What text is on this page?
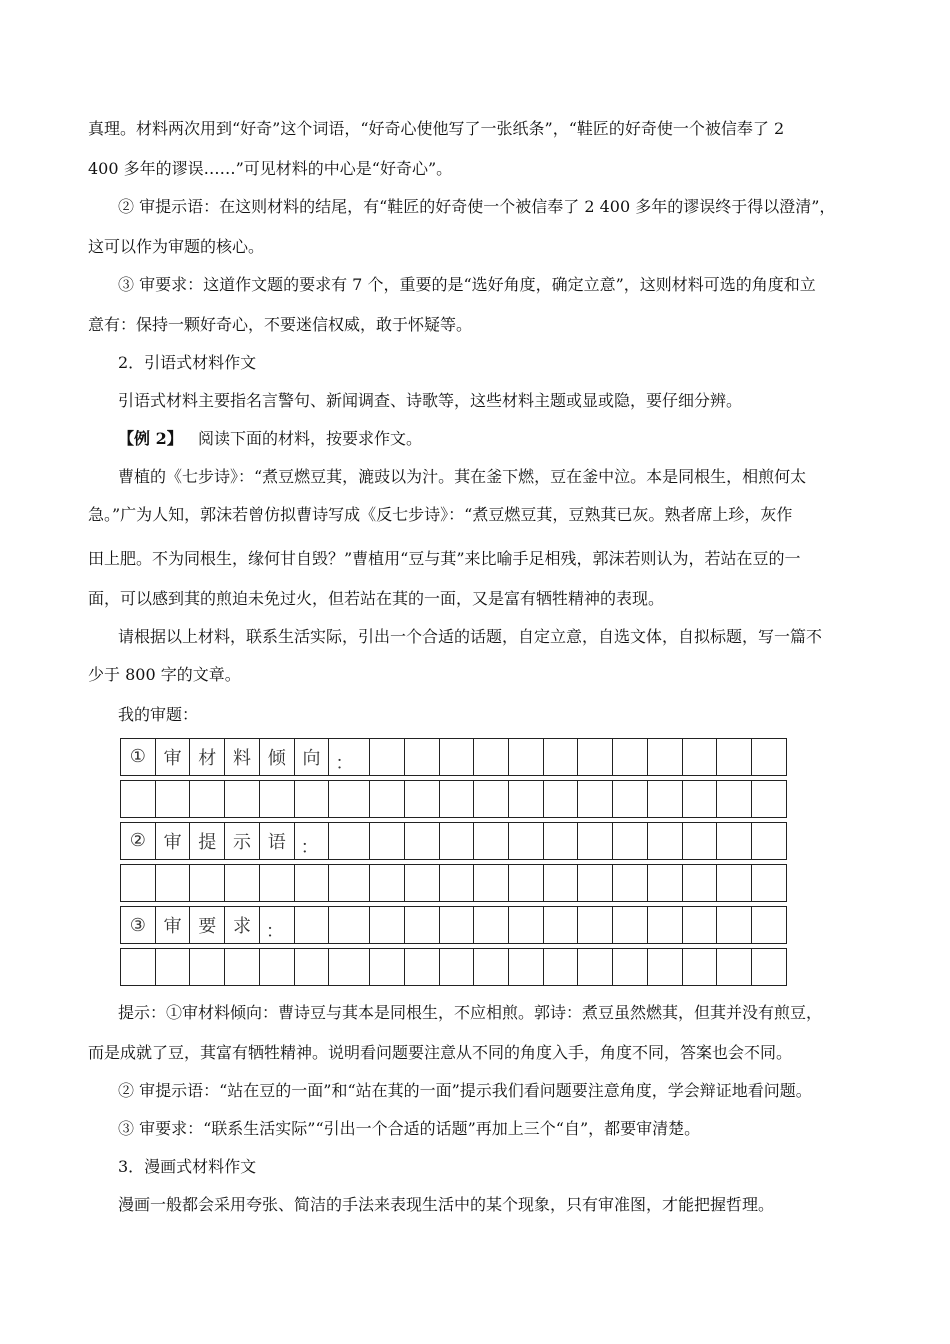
真理。材料两次用到“好奇”这个词语，“好奇心使他写了一张纸条”，“鞋匠的好奇使一个被信奉了 2

400 多年的谬误……”可见材料的中心是“好奇心”。

② 审提示语：在这则材料的结尾，有“鞋匠的好奇使一个被信奉了 2 400 多年的谬误终于得以澄清”，

这可以作为审题的核心。

③ 审要求：这道作文题的要求有 7 个，重要的是“选好角度，确定立意”，这则材料可选的角度和立

意有：保持一颗好奇心，不要迷信权威，敢于怀疑等。

2．引语式材料作文

引语式材料主要指名言警句、新闻调查、诗歌等，这些材料主题或显或隐，要仔细分辨。

【例 2】 阅读下面的材料，按要求作文。

曹植的《七步诗》：“煮豆燃豆萁，漉豉以为汁。萁在釜下燃，豆在釜中泣。本是同根生，相煎何太

急。”广为人知，郭沫若曾仿拟曹诗写成《反七步诗》：“煮豆燃豆萁，豆熟萁已灰。熟者席上珍，灰作

田上肥。不为同根生，缘何甘自毁？”曹植用“豆与萁”来比喻手足相残，郭沫若则认为，若站在豆的一

面，可以感到萁的煎迫未免过火，但若站在萁的一面，又是富有牺牲精神的表现。

请根据以上材料，联系生活实际，引出一个合适的话题，自定立意，自选文体，自拟标题，写一篇不

少于 800 字的文章。

我的审题：

①	审	材	料	倾	向	：												

②	审	提	示	语	：													

③	审	要	求	：														

提示：①审材料倾向：曹诗豆与萁本是同根生，不应相煎。郭诗：煮豆虽然燃萁，但萁并没有煎豆，

而是成就了豆，萁富有牺牲精神。说明看问题要注意从不同的角度入手，角度不同，答案也会不同。

② 审提示语：“站在豆的一面”和“站在萁的一面”提示我们看问题要注意角度，学会辩证地看问题。

③ 审要求：“联系生活实际”“引出一个合适的话题”再加上三个“自”，都要审清楚。

3．漫画式材料作文

漫画一般都会采用夸张、简洁的手法来表现生活中的某个现象，只有审准图，才能把握哲理。
